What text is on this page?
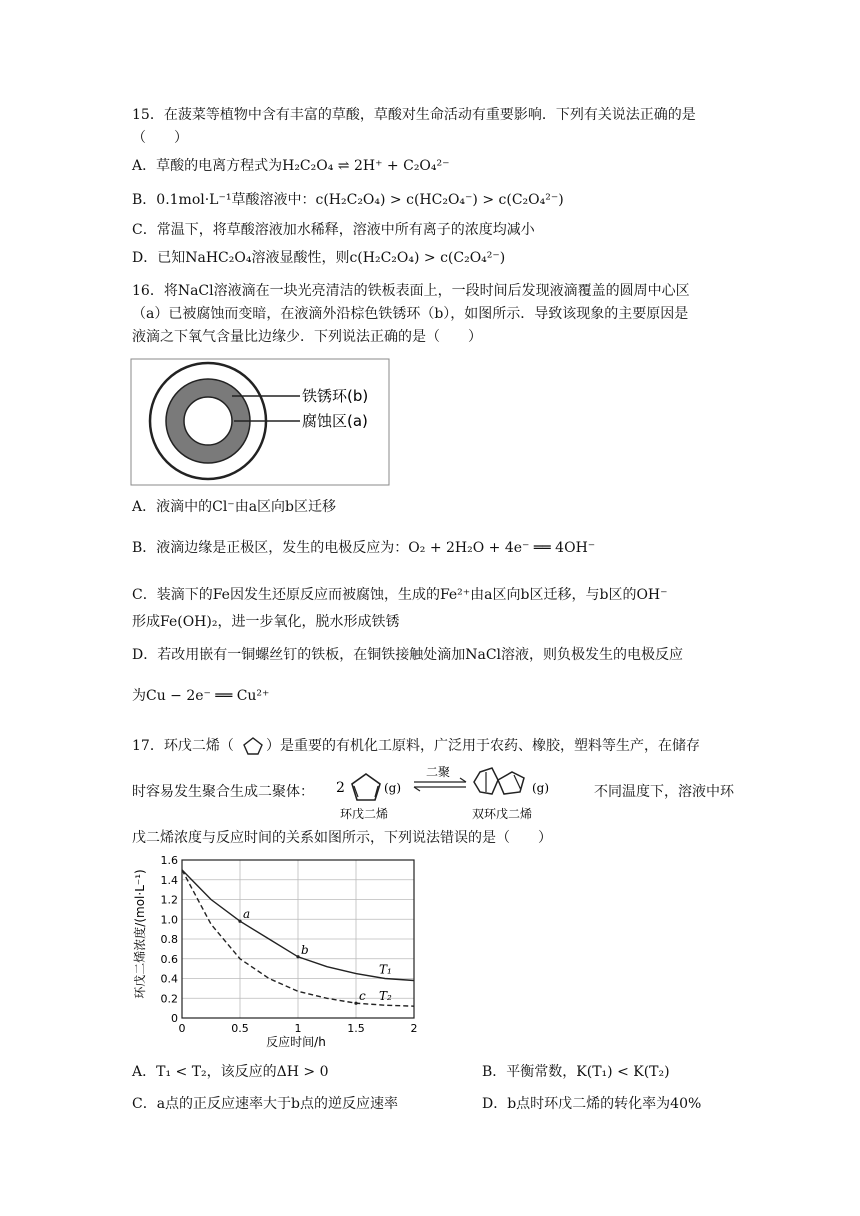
15．在菠菜等植物中含有丰富的草酸，草酸对生命活动有重要影响．下列有关说法正确的是
（　　）
A．草酸的电离方程式为H₂C₂O₄ ⇌ 2H⁺ + C₂O₄²⁻
B．0.1mol·L⁻¹草酸溶液中：c(H₂C₂O₄) > c(HC₂O₄⁻) > c(C₂O₄²⁻)
C．常温下，将草酸溶液加水稀释，溶液中所有离子的浓度均减小
D．已知NaHC₂O₄溶液显酸性，则c(H₂C₂O₄) > c(C₂O₄²⁻)
16．将NaCl溶液滴在一块光亮清洁的铁板表面上，一段时间后发现液滴覆盖的圆周中心区
（a）已被腐蚀而变暗，在液滴外沿棕色铁锈环（b），如图所示．导致该现象的主要原因是
液滴之下氧气含量比边缘少．下列说法正确的是（　　）
铁锈环(b)
腐蚀区(a)
A．液滴中的Cl⁻由a区向b区迁移
B．液滴边缘是正极区，发生的电极反应为：O₂ + 2H₂O + 4e⁻ ══ 4OH⁻
C．装滴下的Fe因发生还原反应而被腐蚀，生成的Fe²⁺由a区向b区迁移，与b区的OH⁻
形成Fe(OH)₂，进一步氧化，脱水形成铁锈
D．若改用嵌有一铜螺丝钉的铁板，在铜铁接触处滴加NaCl溶液，则负极发生的电极反应
为Cu − 2e⁻ ══ Cu²⁺
17．环戊二烯（ ）是重要的有机化工原料，广泛用于农药、橡胶，塑料等生产，在储存
时容易发生聚合生成二聚体： 2	(g)
二聚
(g)
环戊二烯	双环戊二烯
不同温度下，溶液中环
戊二烯浓度与反应时间的关系如图所示，下列说法错误的是（　　）
环戊二烯浓度/(mol·L⁻¹)
反应时间/h
0
0.2
0.4
0.6
0.8
1.0
1.2
1.4
1.6
0	0.5	1	1.5	2
T₁
T₂
a
b
c
A．T₁ < T₂，该反应的ΔH > 0	B．平衡常数，K(T₁) < K(T₂)
C．a点的正反应速率大于b点的逆反应速率	D．b点时环戊二烯的转化率为40%
